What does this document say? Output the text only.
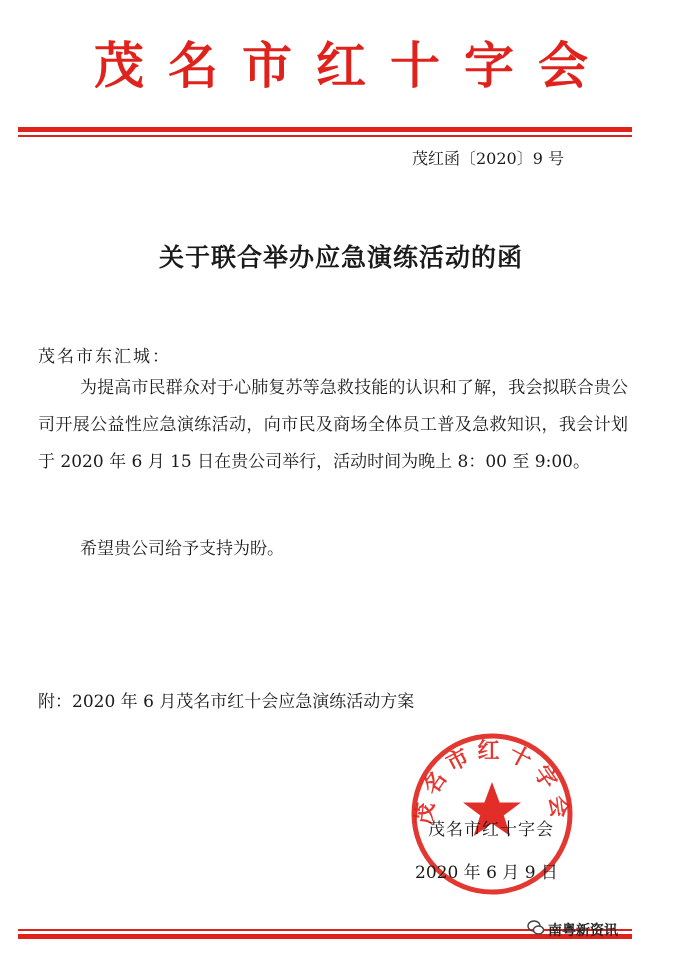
茂名市红十字会
茂红函〔2020〕9 号
关于联合举办应急演练活动的函
茂名市东汇城：
为提高市民群众对于心肺复苏等急救技能的认识和了解，我会拟联合贵公司开展公益性应急演练活动，向市民及商场全体员工普及急救知识，我会计划于 2020 年 6 月 15 日在贵公司举行，活动时间为晚上 8：00 至 9:00。
希望贵公司给予支持为盼。
附：2020 年 6 月茂名市红十会应急演练活动方案
茂名市红十字会
茂名市红十字会
2020 年 6 月 9 日
南粤新资讯
